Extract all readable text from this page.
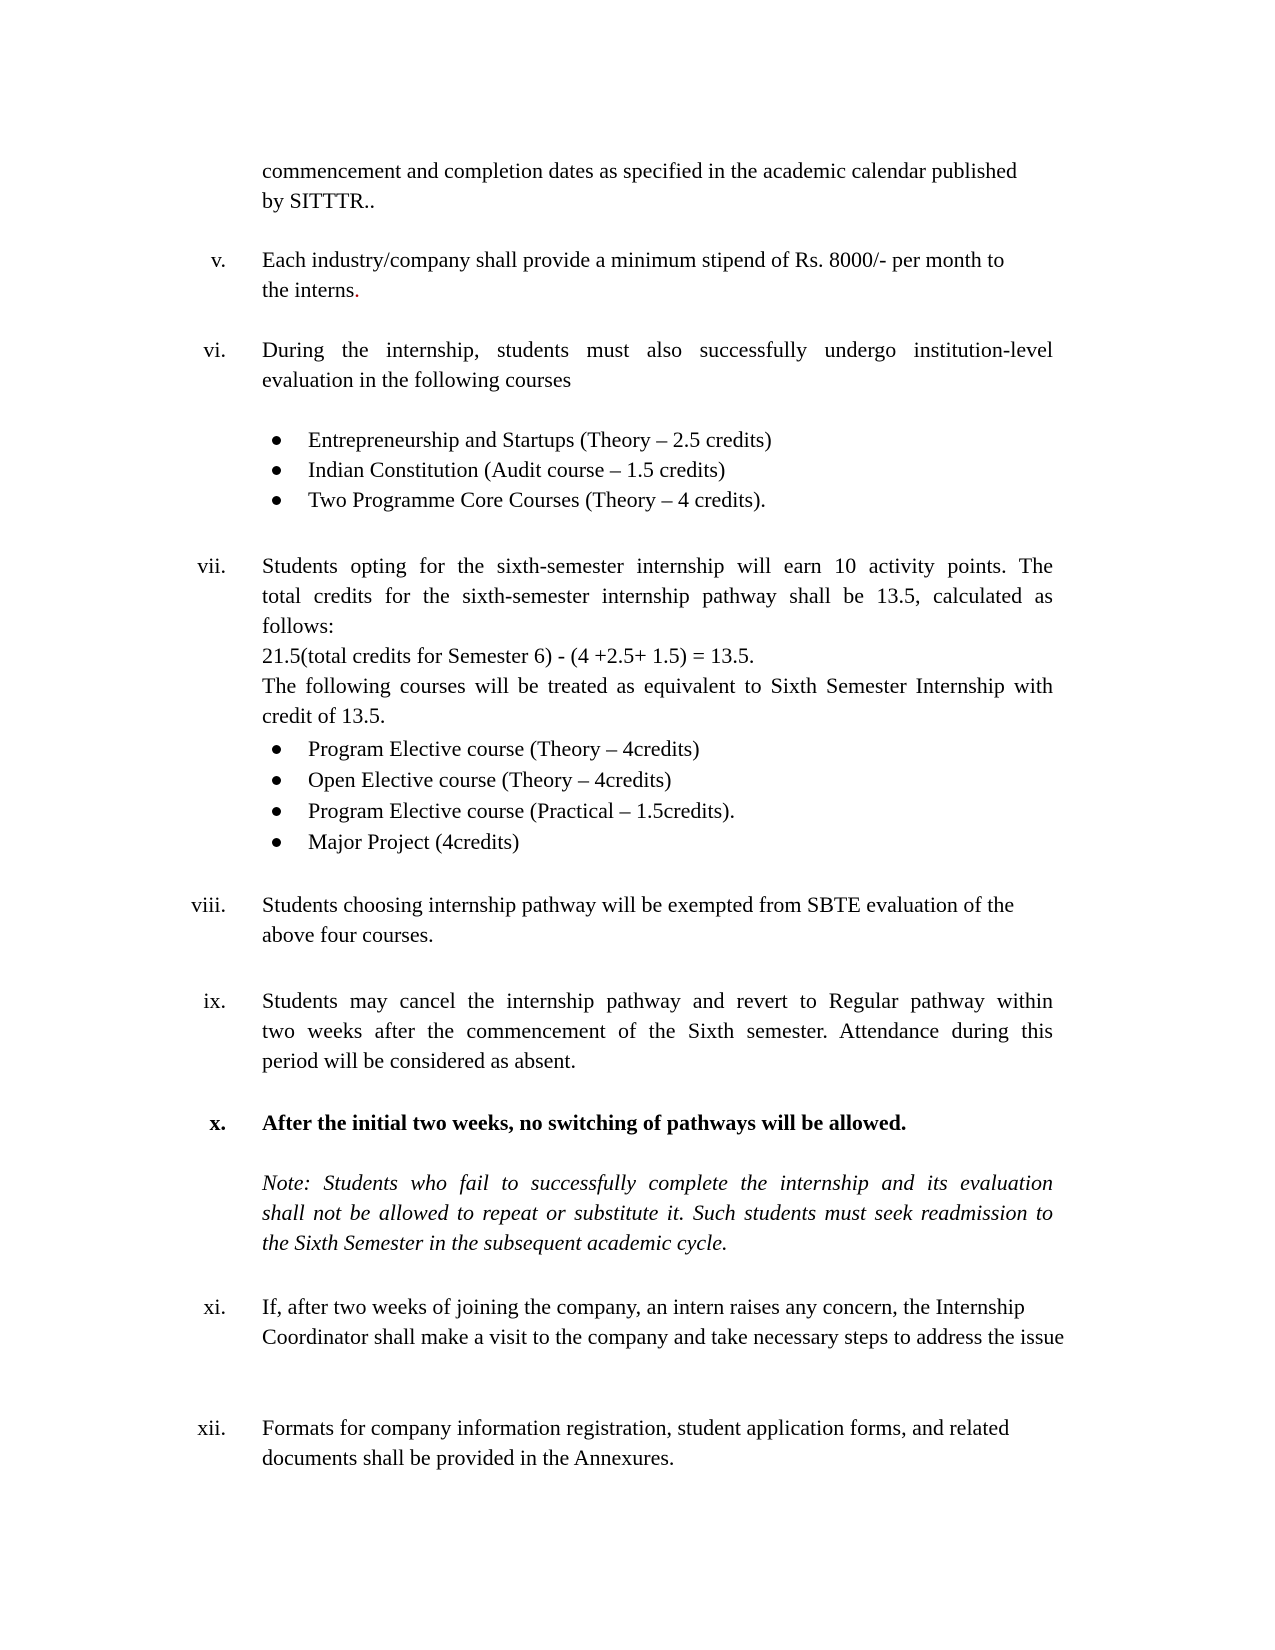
commencement and completion dates as specified in the academic calendar published
by SITTTR..
v. Each industry/company shall provide a minimum stipend of Rs. 8000/- per month to
the interns.
vi. During the internship, students must also successfully undergo institution-level
evaluation in the following courses
Entrepreneurship and Startups (Theory – 2.5 credits)
Indian Constitution (Audit course – 1.5 credits)
Two Programme Core Courses (Theory – 4 credits).
vii. Students opting for the sixth-semester internship will earn 10 activity points. The
total credits for the sixth-semester internship pathway shall be 13.5, calculated as
follows:
21.5(total credits for Semester 6) - (4 +2.5+ 1.5) = 13.5.
The following courses will be treated as equivalent to Sixth Semester Internship with
credit of 13.5.
Program Elective course (Theory – 4credits)
Open Elective course (Theory – 4credits)
Program Elective course (Practical – 1.5credits).
Major Project (4credits)
viii. Students choosing internship pathway will be exempted from SBTE evaluation of the
above four courses.
ix. Students may cancel the internship pathway and revert to Regular pathway within
two weeks after the commencement of the Sixth semester. Attendance during this
period will be considered as absent.
x. After the initial two weeks, no switching of pathways will be allowed.
Note: Students who fail to successfully complete the internship and its evaluation
shall not be allowed to repeat or substitute it. Such students must seek readmission to
the Sixth Semester in the subsequent academic cycle.
xi. If, after two weeks of joining the company, an intern raises any concern, the Internship
Coordinator shall make a visit to the company and take necessary steps to address the issue
xii. Formats for company information registration, student application forms, and related
documents shall be provided in the Annexures.
